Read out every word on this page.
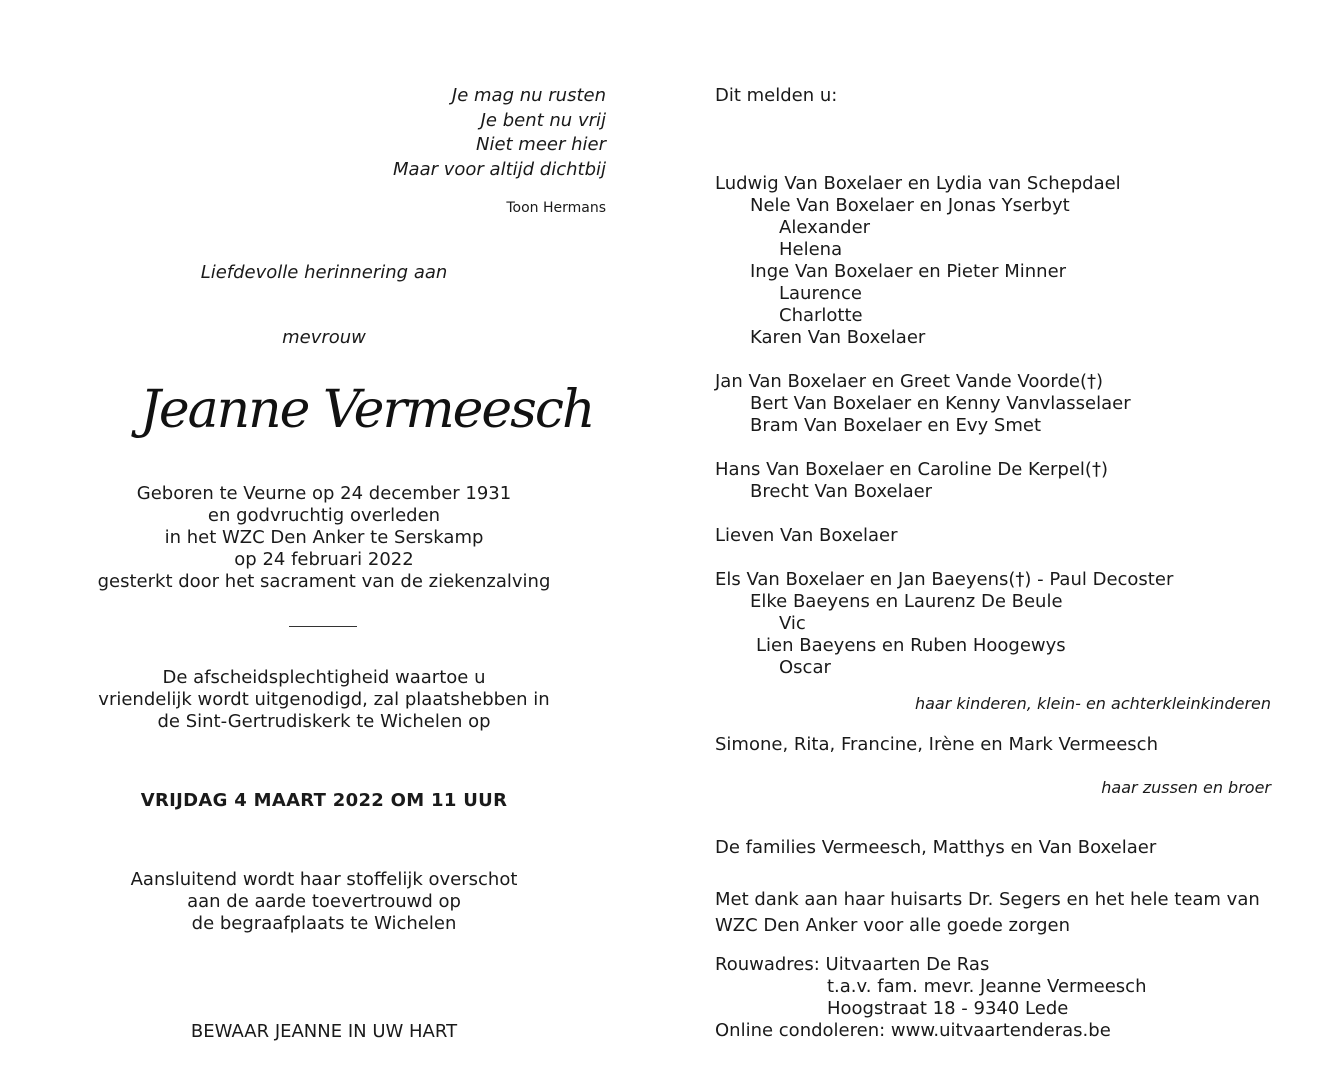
Je mag nu rusten
Je bent nu vrij
Niet meer hier
Maar voor altijd dichtbij
Toon Hermans
Liefdevolle herinnering aan
mevrouw
Jeanne Vermeesch
Geboren te Veurne op 24 december 1931
en godvruchtig overleden
in het WZC Den Anker te Serskamp
op 24 februari 2022
gesterkt door het sacrament van de ziekenzalving
De afscheidsplechtigheid waartoe u
vriendelijk wordt uitgenodigd, zal plaatshebben in
de Sint-Gertrudiskerk te Wichelen op
VRIJDAG 4 MAART 2022 OM 11 UUR
Aansluitend wordt haar stoffelijk overschot
aan de aarde toevertrouwd op
de begraafplaats te Wichelen
BEWAAR JEANNE IN UW HART
Dit melden u:
Ludwig Van Boxelaer en Lydia van Schepdael
Nele Van Boxelaer en Jonas Yserbyt
Alexander
Helena
Inge Van Boxelaer en Pieter Minner
Laurence
Charlotte
Karen Van Boxelaer
Jan Van Boxelaer en Greet Vande Voorde(†)
Bert Van Boxelaer en Kenny Vanvlasselaer
Bram Van Boxelaer en Evy Smet
Hans Van Boxelaer en Caroline De Kerpel(†)
Brecht Van Boxelaer
Lieven Van Boxelaer
Els Van Boxelaer en Jan Baeyens(†) - Paul Decoster
Elke Baeyens en Laurenz De Beule
Vic
Lien Baeyens en Ruben Hoogewys
Oscar
haar kinderen, klein- en achterkleinkinderen
Simone, Rita, Francine, Irène en Mark Vermeesch
haar zussen en broer
De families Vermeesch, Matthys en Van Boxelaer
Met dank aan haar huisarts Dr. Segers en het hele team van
WZC Den Anker voor alle goede zorgen
Rouwadres: Uitvaarten De Ras
t.a.v. fam. mevr. Jeanne Vermeesch
Hoogstraat 18 - 9340 Lede
Online condoleren: www.uitvaartenderas.be
